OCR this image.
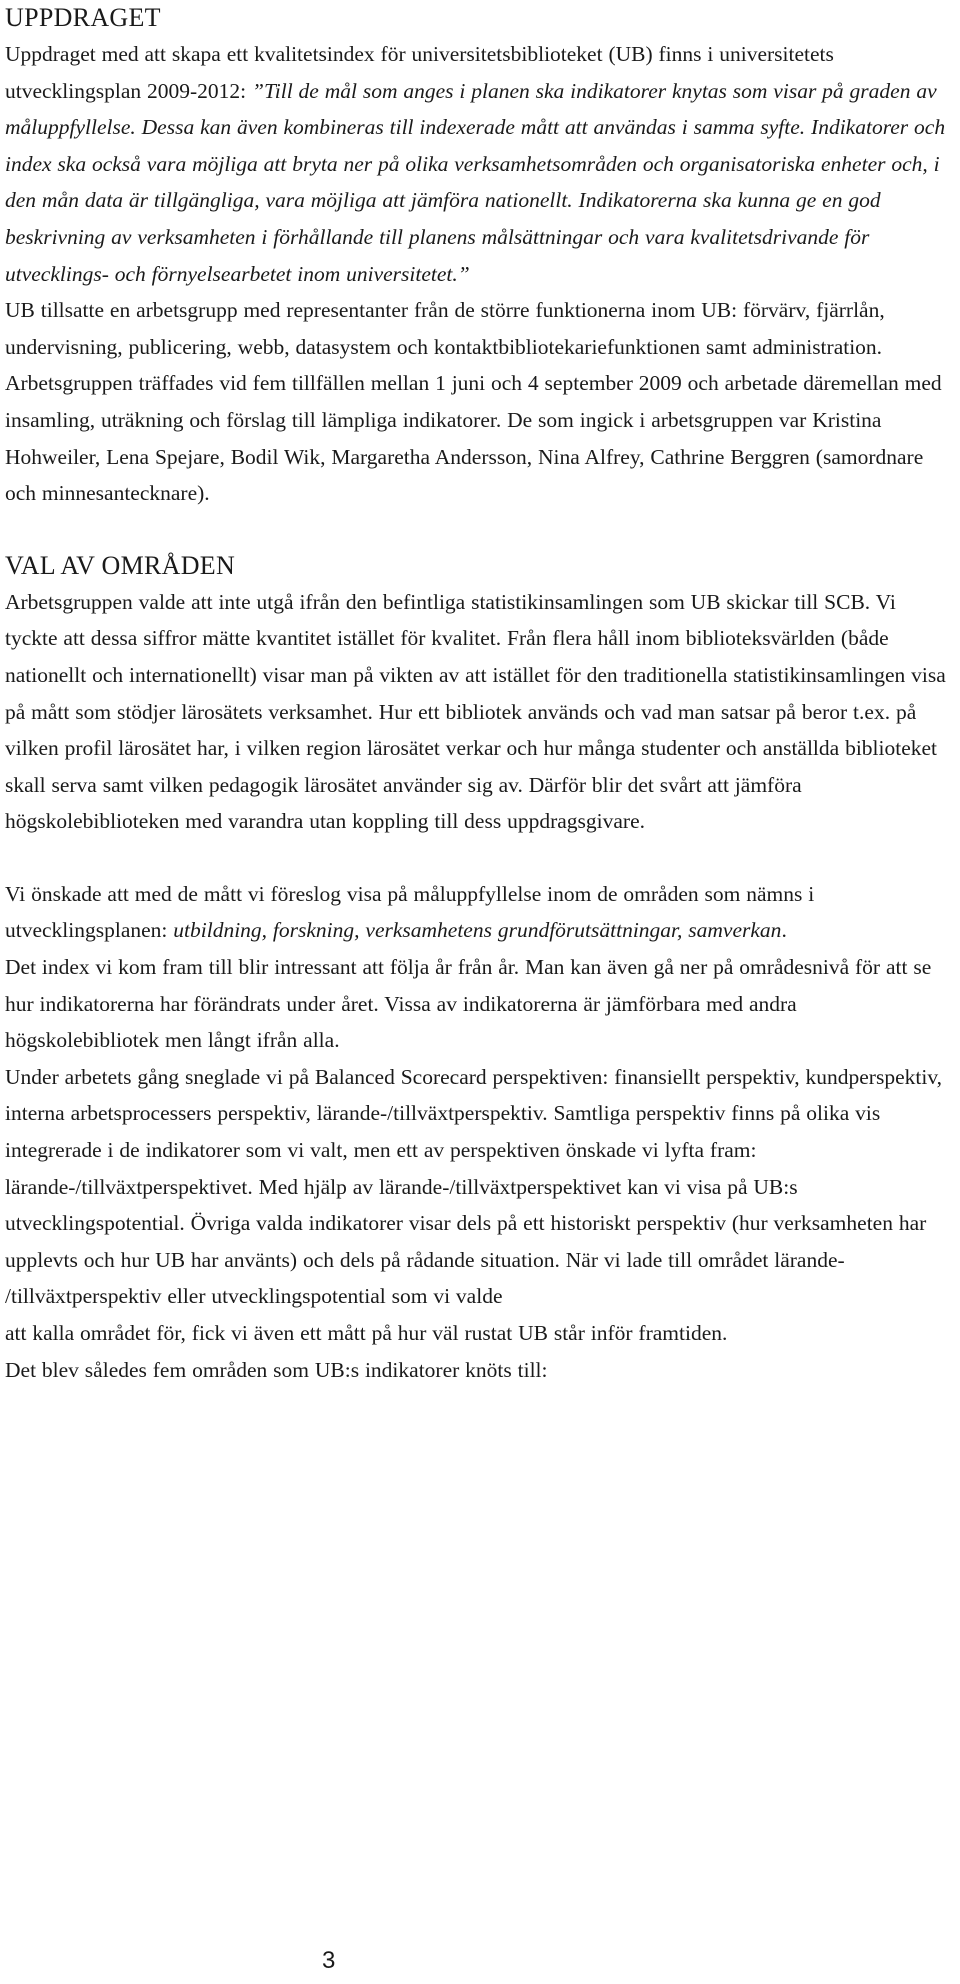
UPPDRAGET

Uppdraget med att skapa ett kvalitetsindex för universitetsbiblioteket (UB) finns i universitetets utvecklingsplan 2009-2012: ”Till de mål som anges i planen ska indikatorer knytas som visar på graden av måluppfyllelse. Dessa kan även kombineras till indexerade mått att användas i samma syfte. Indikatorer och index ska också vara möjliga att bryta ner på olika verksamhetsområden och organisatoriska enheter och, i den mån data är tillgängliga, vara möjliga att jämföra nationellt. Indikatorerna ska kunna ge en god beskrivning av verksamheten i förhållande till planens målsättningar och vara kvalitetsdrivande för utvecklings- och förnyelsearbetet inom universitetet.”

UB tillsatte en arbetsgrupp med representanter från de större funktionerna inom UB: förvärv, fjärrlån, undervisning, publicering, webb, datasystem och kontaktbibliotekariefunktionen samt administration. Arbetsgruppen träffades vid fem tillfällen mellan 1 juni och 4 september 2009 och arbetade däremellan med insamling, uträkning och förslag till lämpliga indikatorer. De som ingick i arbetsgruppen var Kristina Hohweiler, Lena Spejare, Bodil Wik, Margaretha Andersson, Nina Alfrey, Cathrine Berggren (samordnare och minnesantecknare).

VAL AV OMRÅDEN

Arbetsgruppen valde att inte utgå ifrån den befintliga statistikinsamlingen som UB skickar till SCB. Vi tyckte att dessa siffror mätte kvantitet istället för kvalitet. Från flera håll inom biblioteksvärlden (både nationellt och internationellt) visar man på vikten av att istället för den traditionella statistikinsamlingen visa på mått som stödjer lärosätets verksamhet. Hur ett bibliotek används och vad man satsar på beror t.ex. på vilken profil lärosätet har, i vilken region lärosätet verkar och hur många studenter och anställda biblioteket skall serva samt vilken pedagogik lärosätet använder sig av. Därför blir det svårt att jämföra högskolebiblioteken med varandra utan koppling till dess uppdragsgivare.

Vi önskade att med de mått vi föreslog visa på måluppfyllelse inom de områden som nämns i utvecklingsplanen: utbildning, forskning, verksamhetens grundförutsättningar, samverkan.

Det index vi kom fram till blir intressant att följa år från år. Man kan även gå ner på områdesnivå för att se hur indikatorerna har förändrats under året. Vissa av indikatorerna är jämförbara med andra högskolebibliotek men långt ifrån alla.

Under arbetets gång sneglade vi på Balanced Scorecard perspektiven: finansiellt perspektiv, kundperspektiv, interna arbetsprocessers perspektiv, lärande-/tillväxtperspektiv. Samtliga perspektiv finns på olika vis integrerade i de indikatorer som vi valt, men ett av perspektiven önskade vi lyfta fram: lärande-/tillväxtperspektivet. Med hjälp av lärande-/tillväxtperspektivet kan vi visa på UB:s utvecklingspotential. Övriga valda indikatorer visar dels på ett historiskt perspektiv (hur verksamheten har upplevts och hur UB har använts) och dels på rådande situation. När vi lade till området lärande-
/tillväxtperspektiv eller utvecklingspotential som vi valde
att kalla området för, fick vi även ett mått på hur väl rustat UB står inför framtiden.

Det blev således fem områden som UB:s indikatorer knöts till:

3
